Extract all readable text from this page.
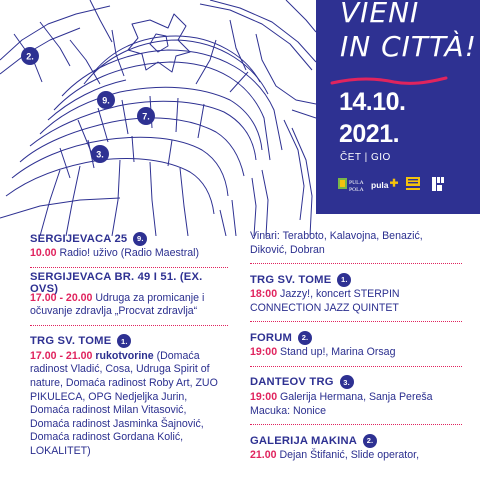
2.
9.
7.
3.
VIENI
IN CITTÀ!
14.10.
2021.
ČET | GIO
PULA
POLA pula
SERGIJEVACA 25	9.
10.00 Radio! uživo (Radio Maestral)
SERGIJEVACA BR. 49 I 51. (EX. OVS)
17.00 - 20.00 Udruga za promicanje i očuvanje zdravlja „Procvat zdravlja“
TRG SV. TOME	1.
17.00 - 21.00 rukotvorine (Domaća radinost Vladić, Cosa, Udruga Spirit of nature, Domaća radinost Roby Art, ZUO PIKULECA, OPG Nedjeljka Jurin, Domaća radinost Milan Vitasović, Domaća radinost Jasminka Šajnović, Domaća radinost Gordana Kolić, LOKALITET)
Vinari: Teraboto, Kalavojna, Benazić, Diković, Dobran
TRG SV. TOME	1.
18:00 Jazzy!, koncert STERPIN CONNECTION JAZZ QUINTET
FORUM	2.
19:00 Stand up!, Marina Orsag
DANTEOV TRG	3.
19:00 Galerija Hermana, Sanja Pereša Macuka: Nonice
GALERIJA MAKINA	2.
21.00 Dejan Štifanić, Slide operator,
